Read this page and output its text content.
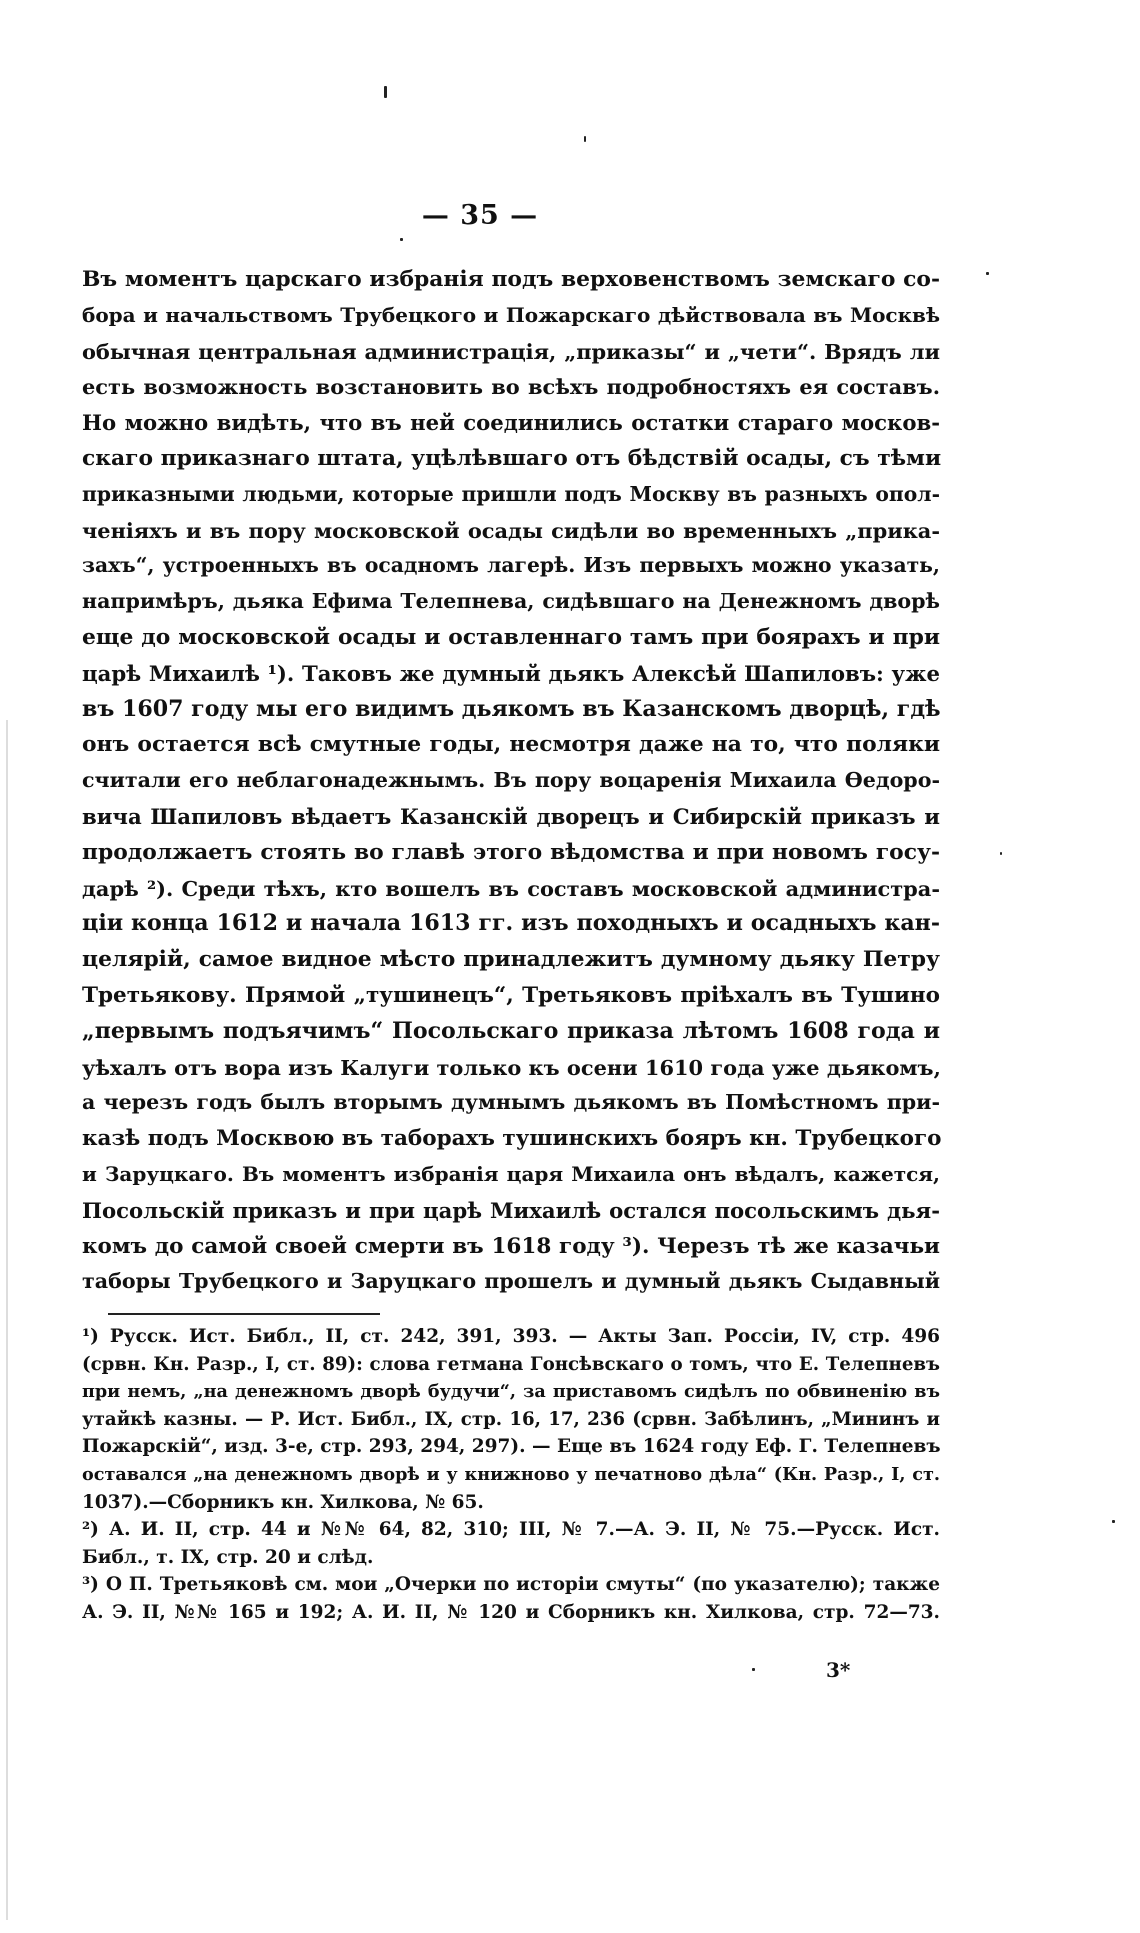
— 35 —
Въ моментъ царскаго избранія подъ верховенствомъ земскаго со-
бора и начальствомъ Трубецкого и Пожарскаго дѣйствовала въ Москвѣ
обычная центральная администрація, „приказы“ и „чети“. Врядъ ли
есть возможность возстановить во всѣхъ подробностяхъ ея составъ.
Но можно видѣть, что въ ней соединились остатки стараго москов-
скаго приказнаго штата, уцѣлѣвшаго отъ бѣдствій осады, съ тѣми
приказными людьми, которые пришли подъ Москву въ разныхъ опол-
ченіяхъ и въ пору московской осады сидѣли во временныхъ „прика-
захъ“, устроенныхъ въ осадномъ лагерѣ. Изъ первыхъ можно указать,
напримѣръ, дьяка Ефима Телепнева, сидѣвшаго на Денежномъ дворѣ
еще до московской осады и оставленнаго тамъ при боярахъ и при
царѣ Михаилѣ ¹). Таковъ же думный дьякъ Алексѣй Шапиловъ: уже
въ 1607 году мы его видимъ дьякомъ въ Казанскомъ дворцѣ, гдѣ
онъ остается всѣ смутные годы, несмотря даже на то, что поляки
считали его неблагонадежнымъ. Въ пору воцаренія Михаила Ѳедоро-
вича Шапиловъ вѣдаетъ Казанскій дворецъ и Сибирскій приказъ и
продолжаетъ стоять во главѣ этого вѣдомства и при новомъ госу-
дарѣ ²). Среди тѣхъ, кто вошелъ въ составъ московской администра-
ціи конца 1612 и начала 1613 гг. изъ походныхъ и осадныхъ кан-
целярій, самое видное мѣсто принадлежитъ думному дьяку Петру
Третьякову. Прямой „тушинецъ“, Третьяковъ пріѣхалъ въ Тушино
„первымъ подъячимъ“ Посольскаго приказа лѣтомъ 1608 года и
уѣхалъ отъ вора изъ Калуги только къ осени 1610 года уже дьякомъ,
а черезъ годъ былъ вторымъ думнымъ дьякомъ въ Помѣстномъ при-
казѣ подъ Москвою въ таборахъ тушинскихъ бояръ кн. Трубецкого
и Заруцкаго. Въ моментъ избранія царя Михаила онъ вѣдалъ, кажется,
Посольскій приказъ и при царѣ Михаилѣ остался посольскимъ дья-
комъ до самой своей смерти въ 1618 году ³). Черезъ тѣ же казачьи
таборы Трубецкого и Заруцкаго прошелъ и думный дьякъ Сыдавный
¹) Русск. Ист. Библ., II, ст. 242, 391, 393. — Акты Зап. Россіи, IV, стр. 496
(срвн. Кн. Разр., I, ст. 89): слова гетмана Гонсѣвскаго о томъ, что Е. Телепневъ
при немъ, „на денежномъ дворѣ будучи“, за приставомъ сидѣлъ по обвиненію въ
утайкѣ казны. — Р. Ист. Библ., IX, стр. 16, 17, 236 (срвн. Забѣлинъ, „Мининъ и
Пожарскій“, изд. 3-е, стр. 293, 294, 297). — Еще въ 1624 году Еф. Г. Телепневъ
оставался „на денежномъ дворѣ и у книжново у печатново дѣла“ (Кн. Разр., I, ст.
1037).—Сборникъ кн. Хилкова, № 65.
²) А. И. II, стр. 44 и №№ 64, 82, 310; III, № 7.—А. Э. II, № 75.—Русск. Ист.
Библ., т. IX, стр. 20 и слѣд.
³) О П. Третьяковѣ см. мои „Очерки по исторіи смуты“ (по указателю); также
А. Э. II, №№ 165 и 192; А. И. II, № 120 и Сборникъ кн. Хилкова, стр. 72—73.
3*
